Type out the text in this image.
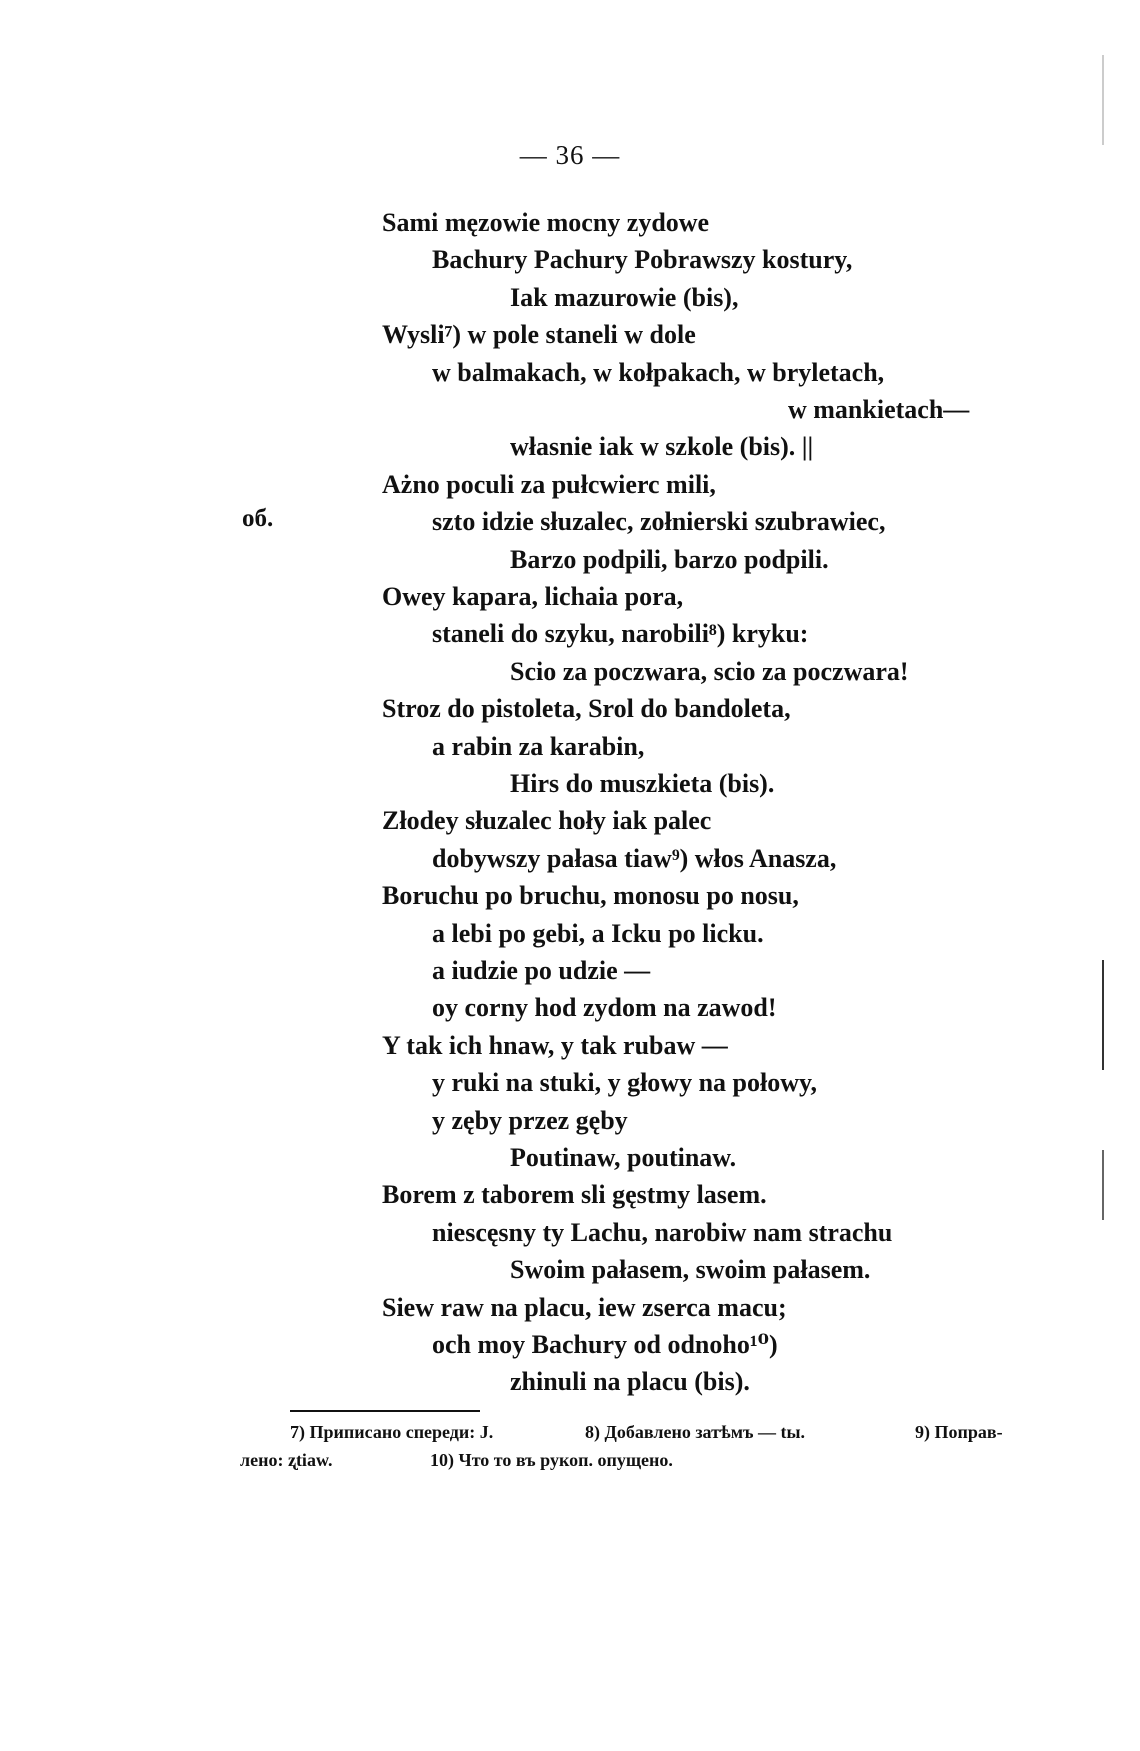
— 36 —
об.
Sami męzowie mocny zydowe
Bachury Pachury Pobrawszy kostury,
Iak mazurowie (bis),
Wysli⁷) w pole staneli w dole
w balmakach, w kołpakach, w bryletach,
w mankietach—
własnie iak w szkole (bis). ||
Ażno poculi za pułcwierc mili,
szto idzie słuzalec, zołnierski szubrawiec,
Barzo podpili, barzo podpili.
Owey kapara, lichaia pora,
staneli do szyku, narobili⁸) kryku:
Scio za poczwara, scio za poczwara!
Stroz do pistoleta, Srol do bandoleta,
a rabin za karabin,
Hirs do muszkieta (bis).
Złodey słuzalec hoły iak palec
dobywszy pałasa tiaw⁹) włos Anasza,
Boruchu po bruchu, monosu po nosu,
a lebi po gebi, a Icku po licku.
a iudzie po udzie —
oy corny hod zydom na zawod!
Y tak ich hnaw, y tak rubaw —
y ruki na stuki, y głowy na połowy,
y zęby przez gęby
Poutinaw, poutinaw.
Borem z taborem sli gęstmy lasem.
niescęsny ty Lachu, narobiw nam strachu
Swoim pałasem, swoim pałasem.
Siew raw na placu, iew zserca macu;
och moy Bachury od odnoho¹⁰)
zhinuli na placu (bis).
7) Приписано спереди: J.	8) Добавлено затѣмъ — tы.	9) Поправ-
лено: ʐtiaw.	10) Что то въ рукоп. опущено.
